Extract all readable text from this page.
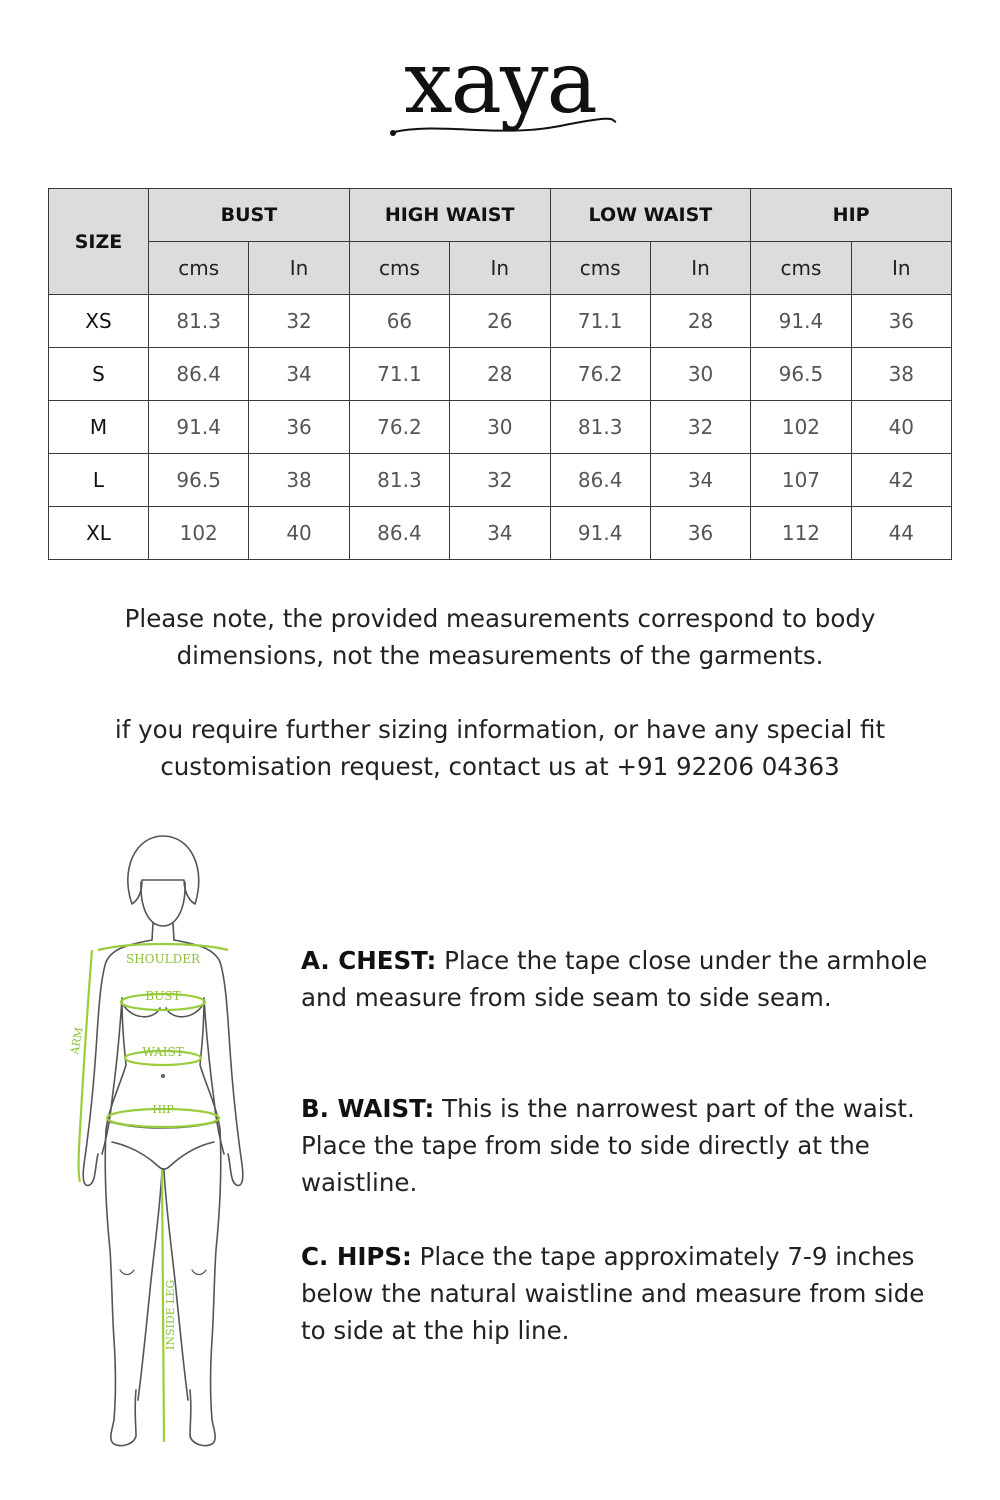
xaya
SIZE	BUST		HIGH WAIST		LOW WAIST		HIP	
	cms	In	cms	In	cms	In	cms	In
XS	81.3	32	66	26	71.1	28	91.4	36
S	86.4	34	71.1	28	76.2	30	96.5	38
M	91.4	36	76.2	30	81.3	32	102	40
L	96.5	38	81.3	32	86.4	34	107	42
XL	102	40	86.4	34	91.4	36	112	44
Please note, the provided measurements correspond to body dimensions, not the measurements of the garments.
if you require further sizing information, or have any special fit customisation request, contact us at +91 92206 04363
SHOULDER
BUST
WAIST
HIP
ARM
INSIDE LEG
A. CHEST: Place the tape close under the armhole and measure from side seam to side seam.
B. WAIST: This is the narrowest part of the waist. Place the tape from side to side directly at the waistline.
C. HIPS: Place the tape approximately 7-9 inches below the natural waistline and measure from side to side at the hip line.
